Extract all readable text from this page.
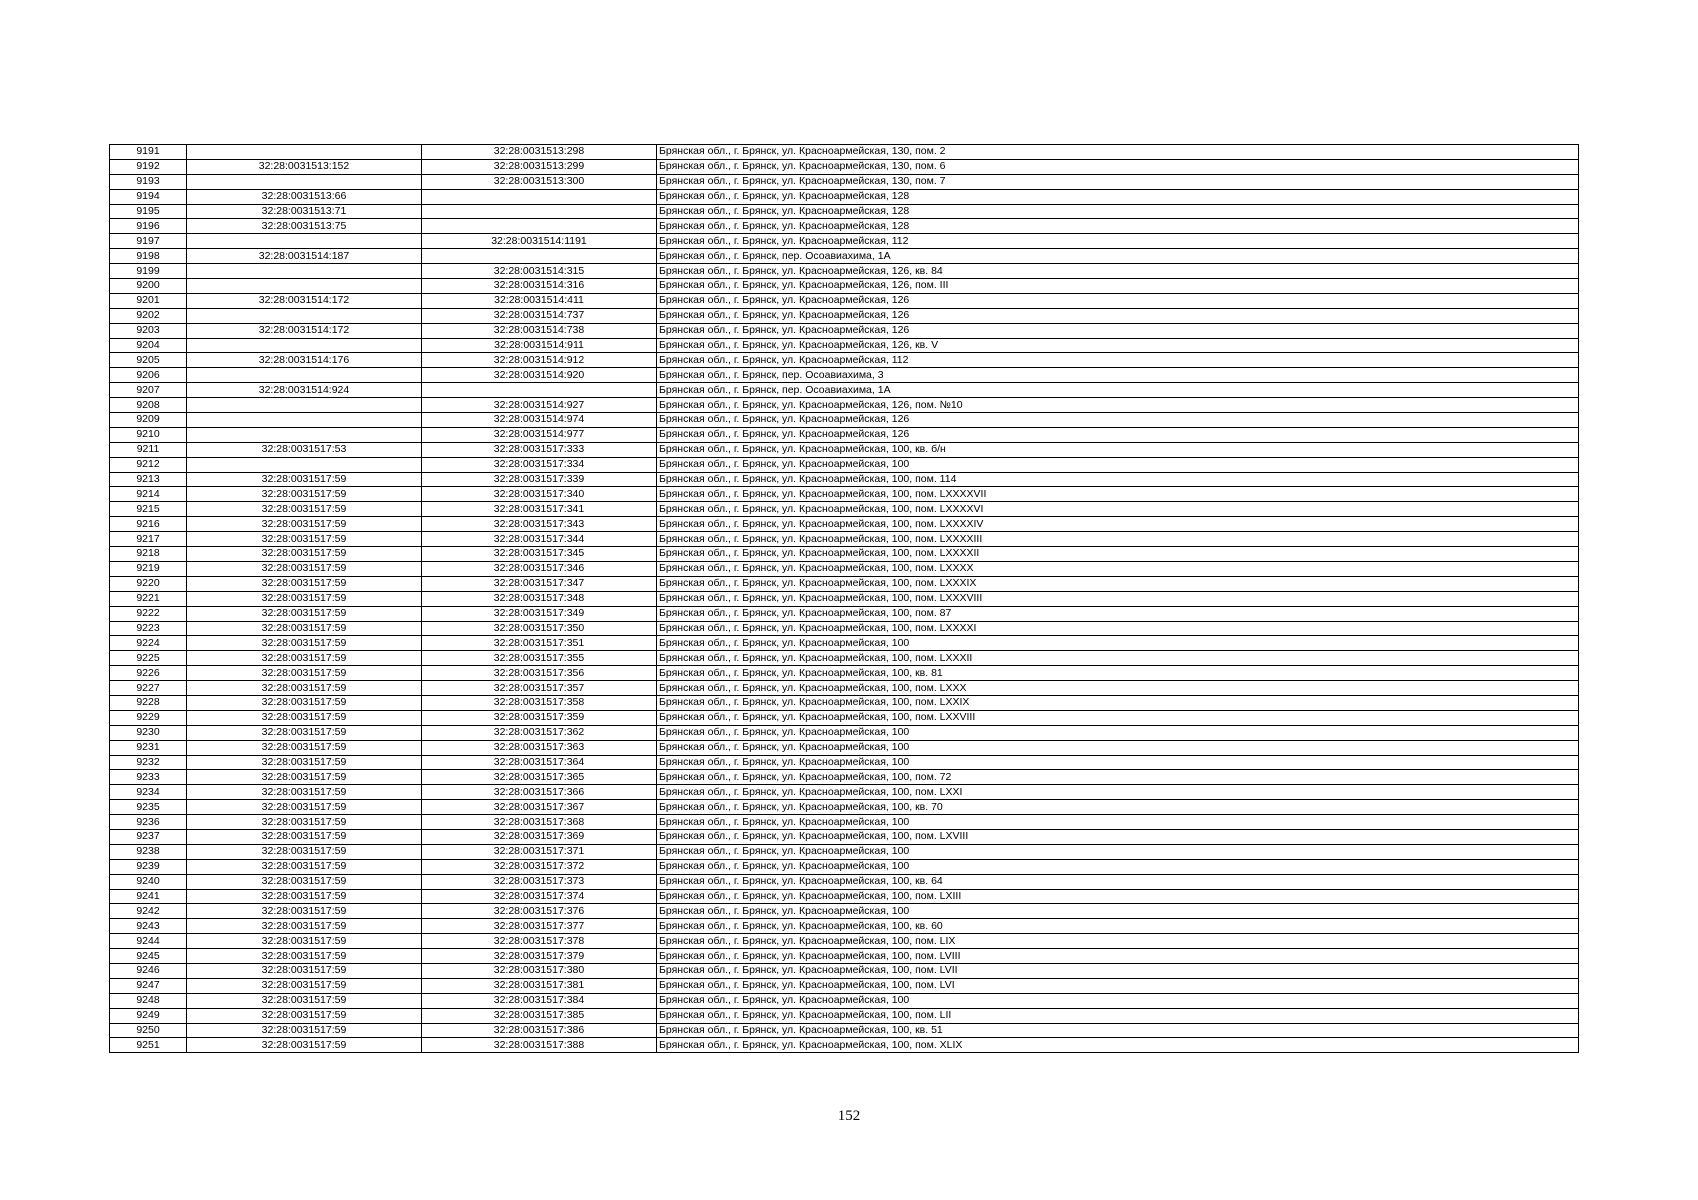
9191		32:28:0031513:298	Брянская обл., г. Брянск, ул. Красноармейская, 130, пом. 2
9192	32:28:0031513:152	32:28:0031513:299	Брянская обл., г. Брянск, ул. Красноармейская, 130, пом. 6
9193		32:28:0031513:300	Брянская обл., г. Брянск, ул. Красноармейская, 130, пом. 7
9194	32:28:0031513:66		Брянская обл., г. Брянск, ул. Красноармейская, 128
9195	32:28:0031513:71		Брянская обл., г. Брянск, ул. Красноармейская, 128
9196	32:28:0031513:75		Брянская обл., г. Брянск, ул. Красноармейская, 128
9197		32:28:0031514:1191	Брянская обл., г. Брянск, ул. Красноармейская, 112
9198	32:28:0031514:187		Брянская обл., г. Брянск, пер. Осоавиахима, 1А
9199		32:28:0031514:315	Брянская обл., г. Брянск, ул. Красноармейская, 126, кв. 84
9200		32:28:0031514:316	Брянская обл., г. Брянск, ул. Красноармейская, 126, пом. III
9201	32:28:0031514:172	32:28:0031514:411	Брянская обл., г. Брянск, ул. Красноармейская, 126
9202		32:28:0031514:737	Брянская обл., г. Брянск, ул. Красноармейская, 126
9203	32:28:0031514:172	32:28:0031514:738	Брянская обл., г. Брянск, ул. Красноармейская, 126
9204		32:28:0031514:911	Брянская обл., г. Брянск, ул. Красноармейская, 126, кв. V
9205	32:28:0031514:176	32:28:0031514:912	Брянская обл., г. Брянск, ул. Красноармейская, 112
9206		32:28:0031514:920	Брянская обл., г. Брянск, пер. Осоавиахима, 3
9207	32:28:0031514:924		Брянская обл., г. Брянск, пер. Осоавиахима, 1А
9208		32:28:0031514:927	Брянская обл., г. Брянск, ул. Красноармейская, 126, пом. №10
9209		32:28:0031514:974	Брянская обл., г. Брянск, ул. Красноармейская, 126
9210		32:28:0031514:977	Брянская обл., г. Брянск, ул. Красноармейская, 126
9211	32:28:0031517:53	32:28:0031517:333	Брянская обл., г. Брянск, ул. Красноармейская, 100, кв. б/н
9212		32:28:0031517:334	Брянская обл., г. Брянск, ул. Красноармейская, 100
9213	32:28:0031517:59	32:28:0031517:339	Брянская обл., г. Брянск, ул. Красноармейская, 100, пом. 114
9214	32:28:0031517:59	32:28:0031517:340	Брянская обл., г. Брянск, ул. Красноармейская, 100, пом. LXXXXVII
9215	32:28:0031517:59	32:28:0031517:341	Брянская обл., г. Брянск, ул. Красноармейская, 100, пом. LXXXXVI
9216	32:28:0031517:59	32:28:0031517:343	Брянская обл., г. Брянск, ул. Красноармейская, 100, пом. LXXXXIV
9217	32:28:0031517:59	32:28:0031517:344	Брянская обл., г. Брянск, ул. Красноармейская, 100, пом. LXXXXIII
9218	32:28:0031517:59	32:28:0031517:345	Брянская обл., г. Брянск, ул. Красноармейская, 100, пом. LXXXXII
9219	32:28:0031517:59	32:28:0031517:346	Брянская обл., г. Брянск, ул. Красноармейская, 100, пом. LXXXX
9220	32:28:0031517:59	32:28:0031517:347	Брянская обл., г. Брянск, ул. Красноармейская, 100, пом. LXXXIX
9221	32:28:0031517:59	32:28:0031517:348	Брянская обл., г. Брянск, ул. Красноармейская, 100, пом. LXXXVIII
9222	32:28:0031517:59	32:28:0031517:349	Брянская обл., г. Брянск, ул. Красноармейская, 100, пом. 87
9223	32:28:0031517:59	32:28:0031517:350	Брянская обл., г. Брянск, ул. Красноармейская, 100, пом. LXXXXI
9224	32:28:0031517:59	32:28:0031517:351	Брянская обл., г. Брянск, ул. Красноармейская, 100
9225	32:28:0031517:59	32:28:0031517:355	Брянская обл., г. Брянск, ул. Красноармейская, 100, пом. LXXXII
9226	32:28:0031517:59	32:28:0031517:356	Брянская обл., г. Брянск, ул. Красноармейская, 100, кв. 81
9227	32:28:0031517:59	32:28:0031517:357	Брянская обл., г. Брянск, ул. Красноармейская, 100, пом. LXXX
9228	32:28:0031517:59	32:28:0031517:358	Брянская обл., г. Брянск, ул. Красноармейская, 100, пом. LXXIX
9229	32:28:0031517:59	32:28:0031517:359	Брянская обл., г. Брянск, ул. Красноармейская, 100, пом. LXXVIII
9230	32:28:0031517:59	32:28:0031517:362	Брянская обл., г. Брянск, ул. Красноармейская, 100
9231	32:28:0031517:59	32:28:0031517:363	Брянская обл., г. Брянск, ул. Красноармейская, 100
9232	32:28:0031517:59	32:28:0031517:364	Брянская обл., г. Брянск, ул. Красноармейская, 100
9233	32:28:0031517:59	32:28:0031517:365	Брянская обл., г. Брянск, ул. Красноармейская, 100, пом. 72
9234	32:28:0031517:59	32:28:0031517:366	Брянская обл., г. Брянск, ул. Красноармейская, 100, пом. LXXI
9235	32:28:0031517:59	32:28:0031517:367	Брянская обл., г. Брянск, ул. Красноармейская, 100, кв. 70
9236	32:28:0031517:59	32:28:0031517:368	Брянская обл., г. Брянск, ул. Красноармейская, 100
9237	32:28:0031517:59	32:28:0031517:369	Брянская обл., г. Брянск, ул. Красноармейская, 100, пом. LXVIII
9238	32:28:0031517:59	32:28:0031517:371	Брянская обл., г. Брянск, ул. Красноармейская, 100
9239	32:28:0031517:59	32:28:0031517:372	Брянская обл., г. Брянск, ул. Красноармейская, 100
9240	32:28:0031517:59	32:28:0031517:373	Брянская обл., г. Брянск, ул. Красноармейская, 100, кв. 64
9241	32:28:0031517:59	32:28:0031517:374	Брянская обл., г. Брянск, ул. Красноармейская, 100, пом. LXIII
9242	32:28:0031517:59	32:28:0031517:376	Брянская обл., г. Брянск, ул. Красноармейская, 100
9243	32:28:0031517:59	32:28:0031517:377	Брянская обл., г. Брянск, ул. Красноармейская, 100, кв. 60
9244	32:28:0031517:59	32:28:0031517:378	Брянская обл., г. Брянск, ул. Красноармейская, 100, пом. LIX
9245	32:28:0031517:59	32:28:0031517:379	Брянская обл., г. Брянск, ул. Красноармейская, 100, пом. LVIII
9246	32:28:0031517:59	32:28:0031517:380	Брянская обл., г. Брянск, ул. Красноармейская, 100, пом. LVII
9247	32:28:0031517:59	32:28:0031517:381	Брянская обл., г. Брянск, ул. Красноармейская, 100, пом. LVI
9248	32:28:0031517:59	32:28:0031517:384	Брянская обл., г. Брянск, ул. Красноармейская, 100
9249	32:28:0031517:59	32:28:0031517:385	Брянская обл., г. Брянск, ул. Красноармейская, 100, пом. LII
9250	32:28:0031517:59	32:28:0031517:386	Брянская обл., г. Брянск, ул. Красноармейская, 100, кв. 51
9251	32:28:0031517:59	32:28:0031517:388	Брянская обл., г. Брянск, ул. Красноармейская, 100, пом. XLIX
152
